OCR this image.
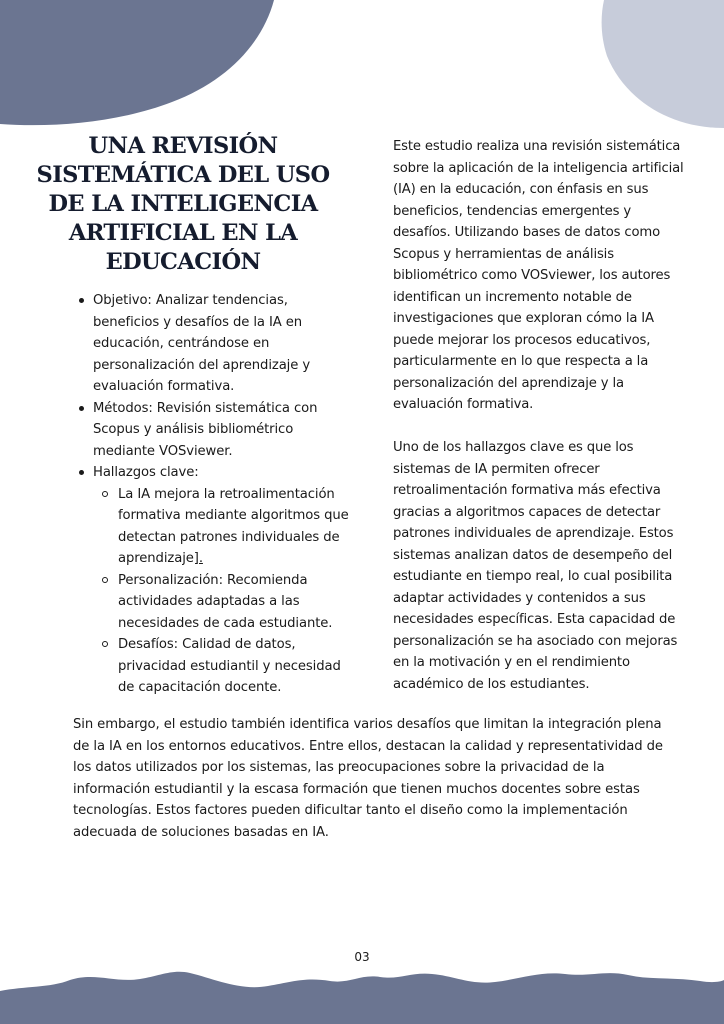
UNA REVISIÓN SISTEMÁTICA DEL USO DE LA INTELIGENCIA ARTIFICIAL EN LA EDUCACIÓN
Objetivo: Analizar tendencias, beneficios y desafíos de la IA en educación, centrándose en personalización del aprendizaje y evaluación formativa.
Métodos: Revisión sistemática con Scopus y análisis bibliométrico mediante VOSviewer.
Hallazgos clave:
La IA mejora la retroalimentación formativa mediante algoritmos que detectan patrones individuales de aprendizaje].
Personalización: Recomienda actividades adaptadas a las necesidades de cada estudiante.
Desafíos: Calidad de datos, privacidad estudiantil y necesidad de capacitación docente.

Este estudio realiza una revisión sistemática sobre la aplicación de la inteligencia artificial (IA) en la educación, con énfasis en sus beneficios, tendencias emergentes y desafíos. Utilizando bases de datos como Scopus y herramientas de análisis bibliométrico como VOSviewer, los autores identifican un incremento notable de investigaciones que exploran cómo la IA puede mejorar los procesos educativos, particularmente en lo que respecta a la personalización del aprendizaje y la evaluación formativa.

Uno de los hallazgos clave es que los sistemas de IA permiten ofrecer retroalimentación formativa más efectiva gracias a algoritmos capaces de detectar patrones individuales de aprendizaje. Estos sistemas analizan datos de desempeño del estudiante en tiempo real, lo cual posibilita adaptar actividades y contenidos a sus necesidades específicas. Esta capacidad de personalización se ha asociado con mejoras en la motivación y en el rendimiento académico de los estudiantes.

Sin embargo, el estudio también identifica varios desafíos que limitan la integración plena de la IA en los entornos educativos. Entre ellos, destacan la calidad y representatividad de los datos utilizados por los sistemas, las preocupaciones sobre la privacidad de la información estudiantil y la escasa formación que tienen muchos docentes sobre estas tecnologías. Estos factores pueden dificultar tanto el diseño como la implementación adecuada de soluciones basadas en IA.

03
